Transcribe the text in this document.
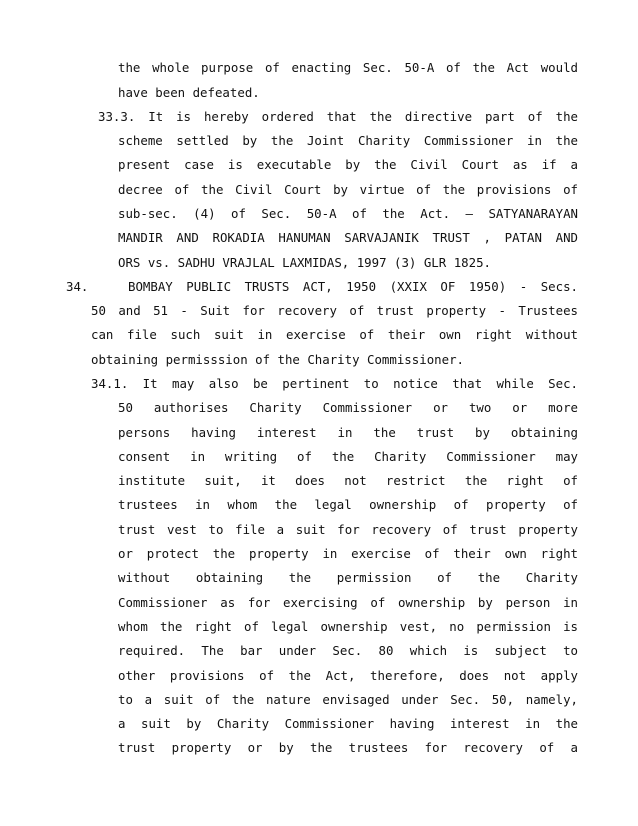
the whole purpose of enacting Sec. 50-A of the Act would
have been defeated.
33.3. It is hereby ordered that the directive part of the
scheme settled by the Joint Charity Commissioner in the
present case is executable by the Civil Court as if a
decree of the Civil Court by virtue of the provisions of
sub-sec. (4) of Sec. 50-A of the Act. – SATYANARAYAN
MANDIR AND ROKADIA HANUMAN SARVAJANIK TRUST , PATAN AND
ORS vs. SADHU VRAJLAL LAXMIDAS, 1997 (3) GLR 1825.
34.	BOMBAY PUBLIC TRUSTS ACT, 1950 (XXIX OF 1950) - Secs.
50 and 51 - Suit for recovery of trust property - Trustees
can file such suit in exercise of their own right without
obtaining permisssion of the Charity Commissioner.
34.1. It may also be pertinent to notice that while Sec.
50 authorises Charity Commissioner or two or more
persons having interest in the trust by obtaining
consent in writing of the Charity Commissioner may
institute suit, it does not restrict the right of
trustees in whom the legal ownership of property of
trust vest to file a suit for recovery of trust property
or protect the property in exercise of their own right
without obtaining the permission of the Charity
Commissioner as for exercising of ownership by person in
whom the right of legal ownership vest, no permission is
required. The bar under Sec. 80 which is subject to
other provisions of the Act, therefore, does not apply
to a suit of the nature envisaged under Sec. 50, namely,
a suit by Charity Commissioner having interest in the
trust property or by the trustees for recovery of a
